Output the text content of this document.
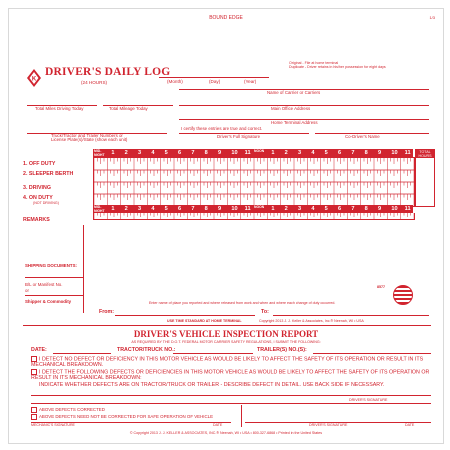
BOUND EDGE	1/3
Original - File at home terminal
Duplicate - Driver retains in his/her possession for eight days
K
DRIVER'S DAILY LOG
(24 HOURS)	(Month)	(Day)	(Year)
Name of Carrier or Carriers
Total Miles Driving Today	Total Mileage Today	Main Office Address
Home Terminal Address
I certify these entries are true and correct.
Truck/Tractor and Trailer Numbers or
License Plate(s)/State (show each unit)
Driver's Full Signature	Co-Driver's Name
MID-NIGHT 1 2 3 4 5 6 7 8 9 10 11 NOON 1 2 3 4 5 6 7 8 9 10 11
MID-NIGHT 1 2 3 4 5 6 7 8 9 10 11 NOON 1 2 3 4 5 6 7 8 9 10 11
TOTAL HOURS
1. OFF DUTY
2. SLEEPER BERTH
3. DRIVING
4. ON DUTY
(NOT DRIVING)
REMARKS
SHIPPING DOCUMENTS:
B/L or Manifest No.
or
Shipper & Commodity
From:	To:
Enter name of place you reported and where released from work and when and where each change of duty occurred.
8577
USE TIME STANDARD AT HOME TERMINAL	Copyright 2013 J. J. Keller & Associates, Inc.® Neenah, WI • USA
DRIVER'S VEHICLE INSPECTION REPORT
AS REQUIRED BY THE D.O.T. FEDERAL MOTOR CARRIER SAFETY REGULATIONS, I SUBMIT THE FOLLOWING:
DATE:	TRACTOR/TRUCK NO.:	TRAILER(S) NO.(S):
I DETECT NO DEFECT OR DEFICIENCY IN THIS MOTOR VEHICLE AS WOULD BE LIKELY TO AFFECT THE SAFETY OF ITS OPERATION OR RESULT IN ITS MECHANICAL BREAKDOWN.
I DETECT THE FOLLOWING DEFECTS OR DEFICIENCIES IN THIS MOTOR VEHICLE AS WOULD BE LIKELY TO AFFECT THE SAFETY OF ITS OPERATION OR RESULT IN ITS MECHANICAL BREAKDOWN:
INDICATE WHETHER DEFECTS ARE ON TRACTOR/TRUCK OR TRAILER - DESCRIBE DEFECT IN DETAIL. USE BACK SIDE IF NECESSARY.
DRIVER'S SIGNATURE
ABOVE DEFECTS CORRECTED
ABOVE DEFECTS NEED NOT BE CORRECTED FOR SAFE OPERATION OF VEHICLE
MECHANIC'S SIGNATURE	DATE	DRIVER'S SIGNATURE	DATE
© Copyright 2013 J. J. KELLER & ASSOCIATES, INC.® Neenah, WI • USA • 800-327-6868 • Printed in the United States
